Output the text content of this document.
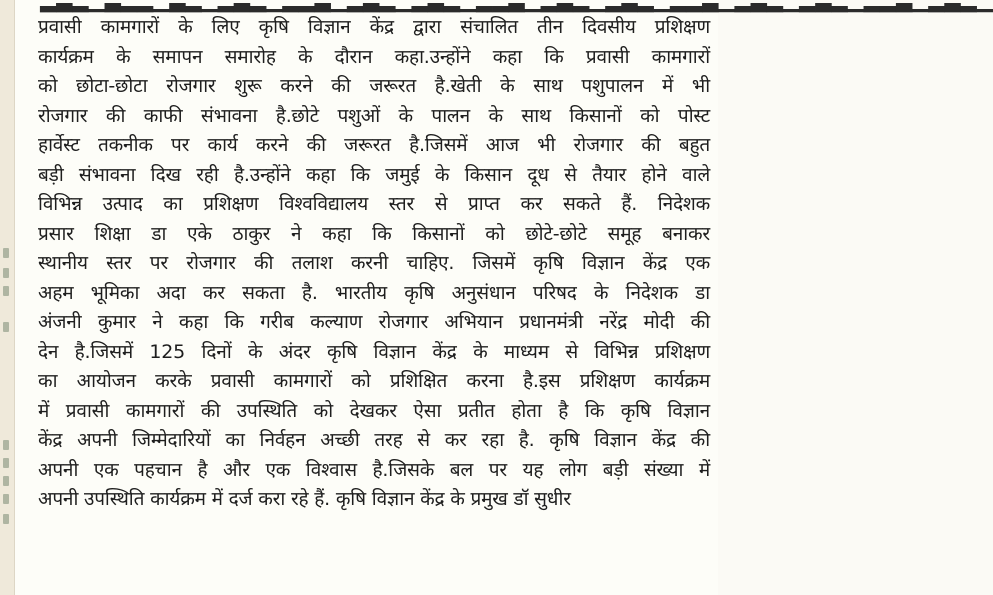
▂▃▂▁▃▂▂▁▃▂▁▂▃▂▁▂▂▃▁▂▃▂▁▂▃▂▁▂▂▃▁▂▃▂▁▂▃▂▁▂▂▃▁▂▃▂▁▂▃▂▁▂▂▃▁▂▃▂▁
प्रवासी कामगारों के लिए कृषि विज्ञान केंद्र द्वारा संचालित तीन दिवसीय प्रशिक्षण
कार्यक्रम के समापन समारोह के दौरान कहा.उन्होंने कहा कि प्रवासी कामगारों
को छोटा-छोटा रोजगार शुरू करने की जरूरत है.खेती के साथ पशुपालन में भी
रोजगार की काफी संभावना है.छोटे पशुओं के पालन के साथ किसानों को पोस्ट
हार्वेस्ट तकनीक पर कार्य करने की जरूरत है.जिसमें आज भी रोजगार की बहुत
बड़ी संभावना दिख रही है.उन्होंने कहा कि जमुई के किसान दूध से तैयार होने वाले
विभिन्न उत्पाद का प्रशिक्षण विश्वविद्यालय स्तर से प्राप्त कर सकते हैं. निदेशक
प्रसार शिक्षा डा एके ठाकुर ने कहा कि किसानों को छोटे-छोटे समूह बनाकर
स्थानीय स्तर पर रोजगार की तलाश करनी चाहिए. जिसमें कृषि विज्ञान केंद्र एक
अहम भूमिका अदा कर सकता है. भारतीय कृषि अनुसंधान परिषद के निदेशक डा
अंजनी कुमार ने कहा कि गरीब कल्याण रोजगार अभियान प्रधानमंत्री नरेंद्र मोदी की
देन है.जिसमें 125 दिनों के अंदर कृषि विज्ञान केंद्र के माध्यम से विभिन्न प्रशिक्षण
का आयोजन करके प्रवासी कामगारों को प्रशिक्षित करना है.इस प्रशिक्षण कार्यक्रम
में प्रवासी कामगारों की उपस्थिति को देखकर ऐसा प्रतीत होता है कि कृषि विज्ञान
केंद्र अपनी जिम्मेदारियों का निर्वहन अच्छी तरह से कर रहा है. कृषि विज्ञान केंद्र की
अपनी एक पहचान है और एक विश्वास है.जिसके बल पर यह लोग बड़ी संख्या में
अपनी उपस्थिति कार्यक्रम में दर्ज करा रहे हैं. कृषि विज्ञान केंद्र के प्रमुख डॉ सुधीर
